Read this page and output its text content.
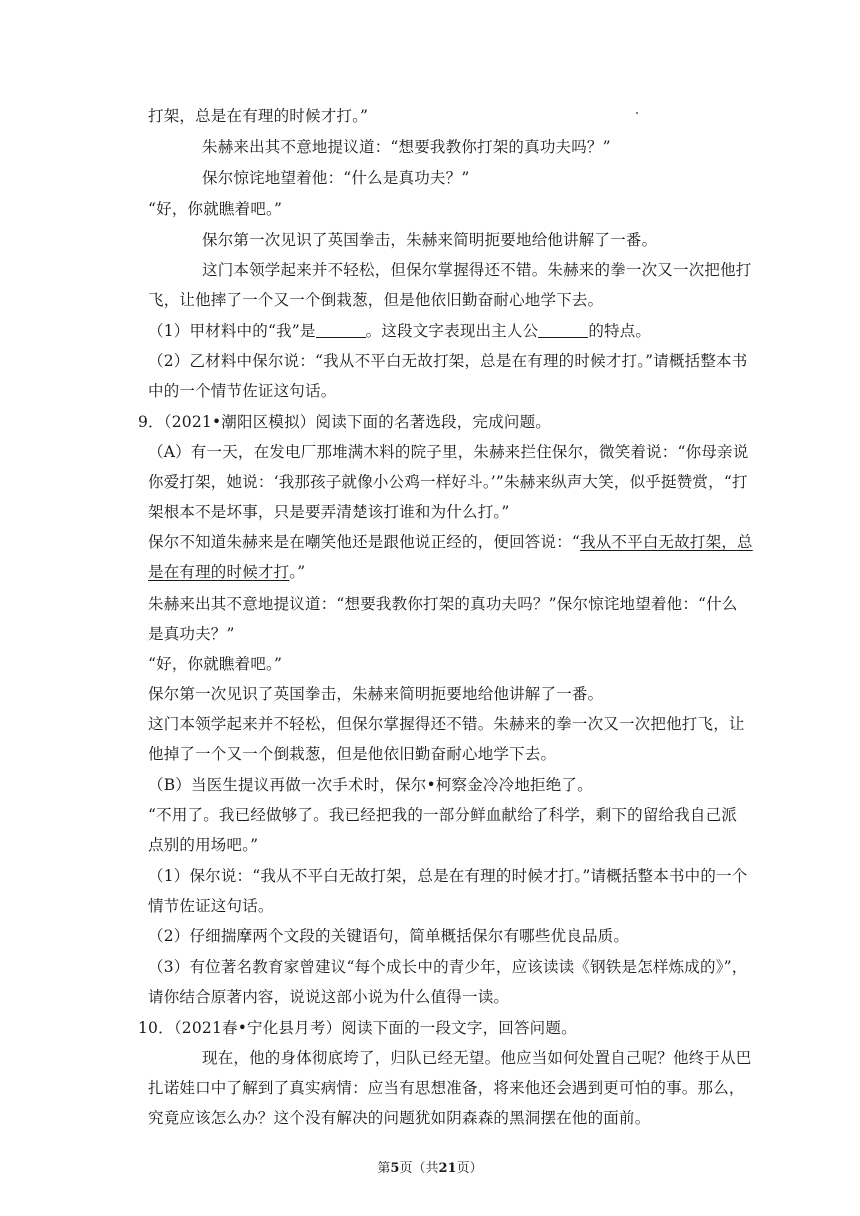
打架，总是在有理的时候才打。”
朱赫来出其不意地提议道：“想要我教你打架的真功夫吗？”
保尔惊诧地望着他：“什么是真功夫？”
“好，你就瞧着吧。”
保尔第一次见识了英国拳击，朱赫来简明扼要地给他讲解了一番。
这门本领学起来并不轻松，但保尔掌握得还不错。朱赫来的拳一次又一次把他打
飞，让他摔了一个又一个倒栽葱，但是他依旧勤奋耐心地学下去。
（1）甲材料中的“我”是	。这段文字表现出主人公	的特点。
（2）乙材料中保尔说：“我从不平白无故打架，总是在有理的时候才打。”请概括整本书
中的一个情节佐证这句话。
9．（2021•潮阳区模拟）阅读下面的名著选段，完成问题。
（A）有一天，在发电厂那堆满木料的院子里，朱赫来拦住保尔，微笑着说：“你母亲说
你爱打架，她说：‘我那孩子就像小公鸡一样好斗。’”朱赫来纵声大笑，似乎挺赞赏，“打
架根本不是坏事，只是要弄清楚该打谁和为什么打。”
保尔不知道朱赫来是在嘲笑他还是跟他说正经的，便回答说：“我从不平白无故打架，总
是在有理的时候才打。”
朱赫来出其不意地提议道：“想要我教你打架的真功夫吗？”保尔惊诧地望着他：“什么
是真功夫？”
“好，你就瞧着吧。”
保尔第一次见识了英国拳击，朱赫来简明扼要地给他讲解了一番。
这门本领学起来并不轻松，但保尔掌握得还不错。朱赫来的拳一次又一次把他打飞，让
他掉了一个又一个倒栽葱，但是他依旧勤奋耐心地学下去。
（B）当医生提议再做一次手术时，保尔•柯察金冷冷地拒绝了。
“不用了。我已经做够了。我已经把我的一部分鲜血献给了科学，剩下的留给我自己派
点别的用场吧。”
（1）保尔说：“我从不平白无故打架，总是在有理的时候才打。”请概括整本书中的一个
情节佐证这句话。
（2）仔细揣摩两个文段的关键语句，简单概括保尔有哪些优良品质。
（3）有位著名教育家曾建议“每个成长中的青少年，应该读读《钢铁是怎样炼成的》”，
请你结合原著内容，说说这部小说为什么值得一读。
10．（2021春•宁化县月考）阅读下面的一段文字，回答问题。
现在，他的身体彻底垮了，归队已经无望。他应当如何处置自己呢？他终于从巴
扎诺娃口中了解到了真实病情：应当有思想准备，将来他还会遇到更可怕的事。那么，
究竟应该怎么办？这个没有解决的问题犹如阴森森的黑洞摆在他的面前。
第5页（共21页）
